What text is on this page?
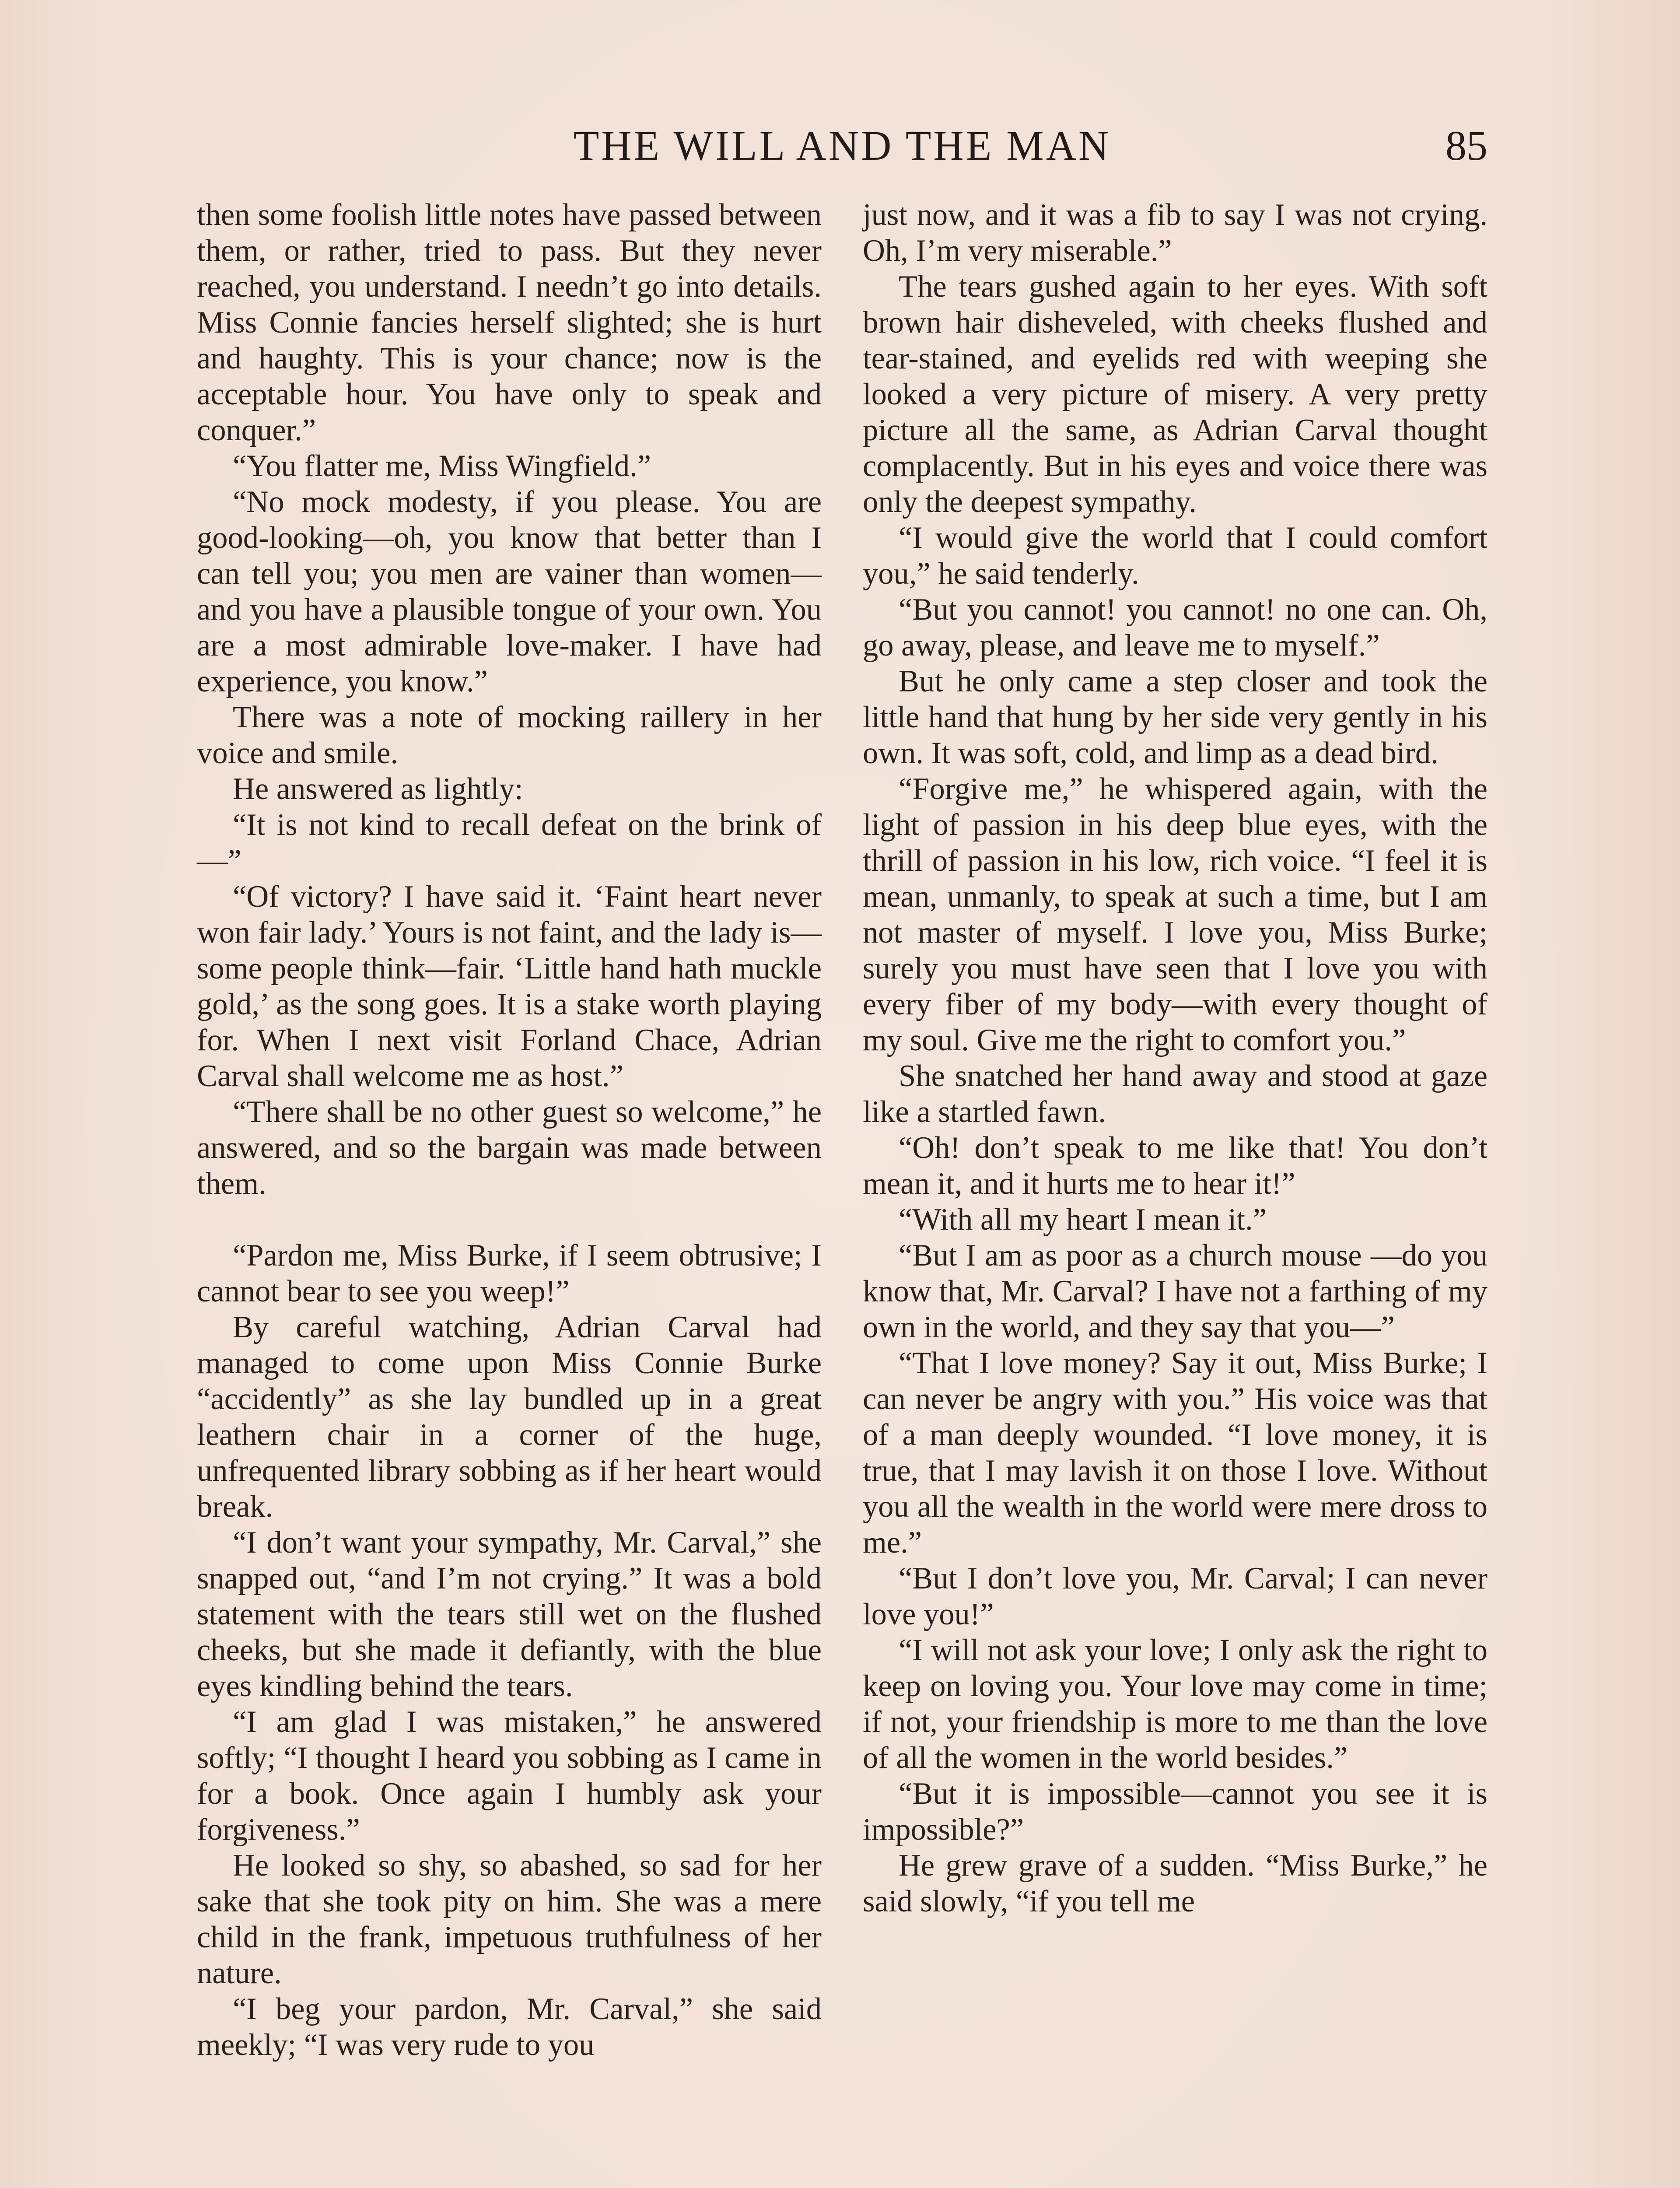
THE WILL AND THE MAN	85

then some foolish little notes have passed between them, or rather, tried to pass. But they never reached, you understand. I needn’t go into details. Miss Connie fancies herself slighted; she is hurt and haughty. This is your chance; now is the acceptable hour. You have only to speak and conquer.”

“You flatter me, Miss Wingfield.”

“No mock modesty, if you please. You are good-looking—oh, you know that better than I can tell you; you men are vainer than women—and you have a plausible tongue of your own. You are a most admirable love-maker. I have had experience, you know.”

There was a note of mocking raillery in her voice and smile.

He answered as lightly:

“It is not kind to recall defeat on the brink of—”

“Of victory? I have said it. ‘Faint heart never won fair lady.’ Yours is not faint, and the lady is—some people think—fair. ‘Little hand hath muckle gold,’ as the song goes. It is a stake worth playing for. When I next visit Forland Chace, Adrian Carval shall welcome me as host.”

“There shall be no other guest so welcome,” he answered, and so the bargain was made between them.

“Pardon me, Miss Burke, if I seem obtrusive; I cannot bear to see you weep!”

By careful watching, Adrian Carval had managed to come upon Miss Connie Burke “accidently” as she lay bundled up in a great leathern chair in a corner of the huge, unfrequented library sobbing as if her heart would break.

“I don’t want your sympathy, Mr. Carval,” she snapped out, “and I’m not crying.” It was a bold statement with the tears still wet on the flushed cheeks, but she made it defiantly, with the blue eyes kindling behind the tears.

“I am glad I was mistaken,” he answered softly; “I thought I heard you sobbing as I came in for a book. Once again I humbly ask your forgiveness.”

He looked so shy, so abashed, so sad for her sake that she took pity on him. She was a mere child in the frank, impetuous truthfulness of her nature.

“I beg your pardon, Mr. Carval,” she said meekly; “I was very rude to you

just now, and it was a fib to say I was not crying. Oh, I’m very miserable.”

The tears gushed again to her eyes. With soft brown hair disheveled, with cheeks flushed and tear-stained, and eyelids red with weeping she looked a very picture of misery. A very pretty picture all the same, as Adrian Carval thought complacently. But in his eyes and voice there was only the deepest sympathy.

“I would give the world that I could comfort you,” he said tenderly.

“But you cannot! you cannot! no one can. Oh, go away, please, and leave me to myself.”

But he only came a step closer and took the little hand that hung by her side very gently in his own. It was soft, cold, and limp as a dead bird.

“Forgive me,” he whispered again, with the light of passion in his deep blue eyes, with the thrill of passion in his low, rich voice. “I feel it is mean, unmanly, to speak at such a time, but I am not master of myself. I love you, Miss Burke; surely you must have seen that I love you with every fiber of my body—with every thought of my soul. Give me the right to comfort you.”

She snatched her hand away and stood at gaze like a startled fawn.

“Oh! don’t speak to me like that! You don’t mean it, and it hurts me to hear it!”

“With all my heart I mean it.”

“But I am as poor as a church mouse —do you know that, Mr. Carval? I have not a farthing of my own in the world, and they say that you—”

“That I love money? Say it out, Miss Burke; I can never be angry with you.” His voice was that of a man deeply wounded. “I love money, it is true, that I may lavish it on those I love. Without you all the wealth in the world were mere dross to me.”

“But I don’t love you, Mr. Carval; I can never love you!”

“I will not ask your love; I only ask the right to keep on loving you. Your love may come in time; if not, your friendship is more to me than the love of all the women in the world besides.”

“But it is impossible—cannot you see it is impossible?”

He grew grave of a sudden. “Miss Burke,” he said slowly, “if you tell me
